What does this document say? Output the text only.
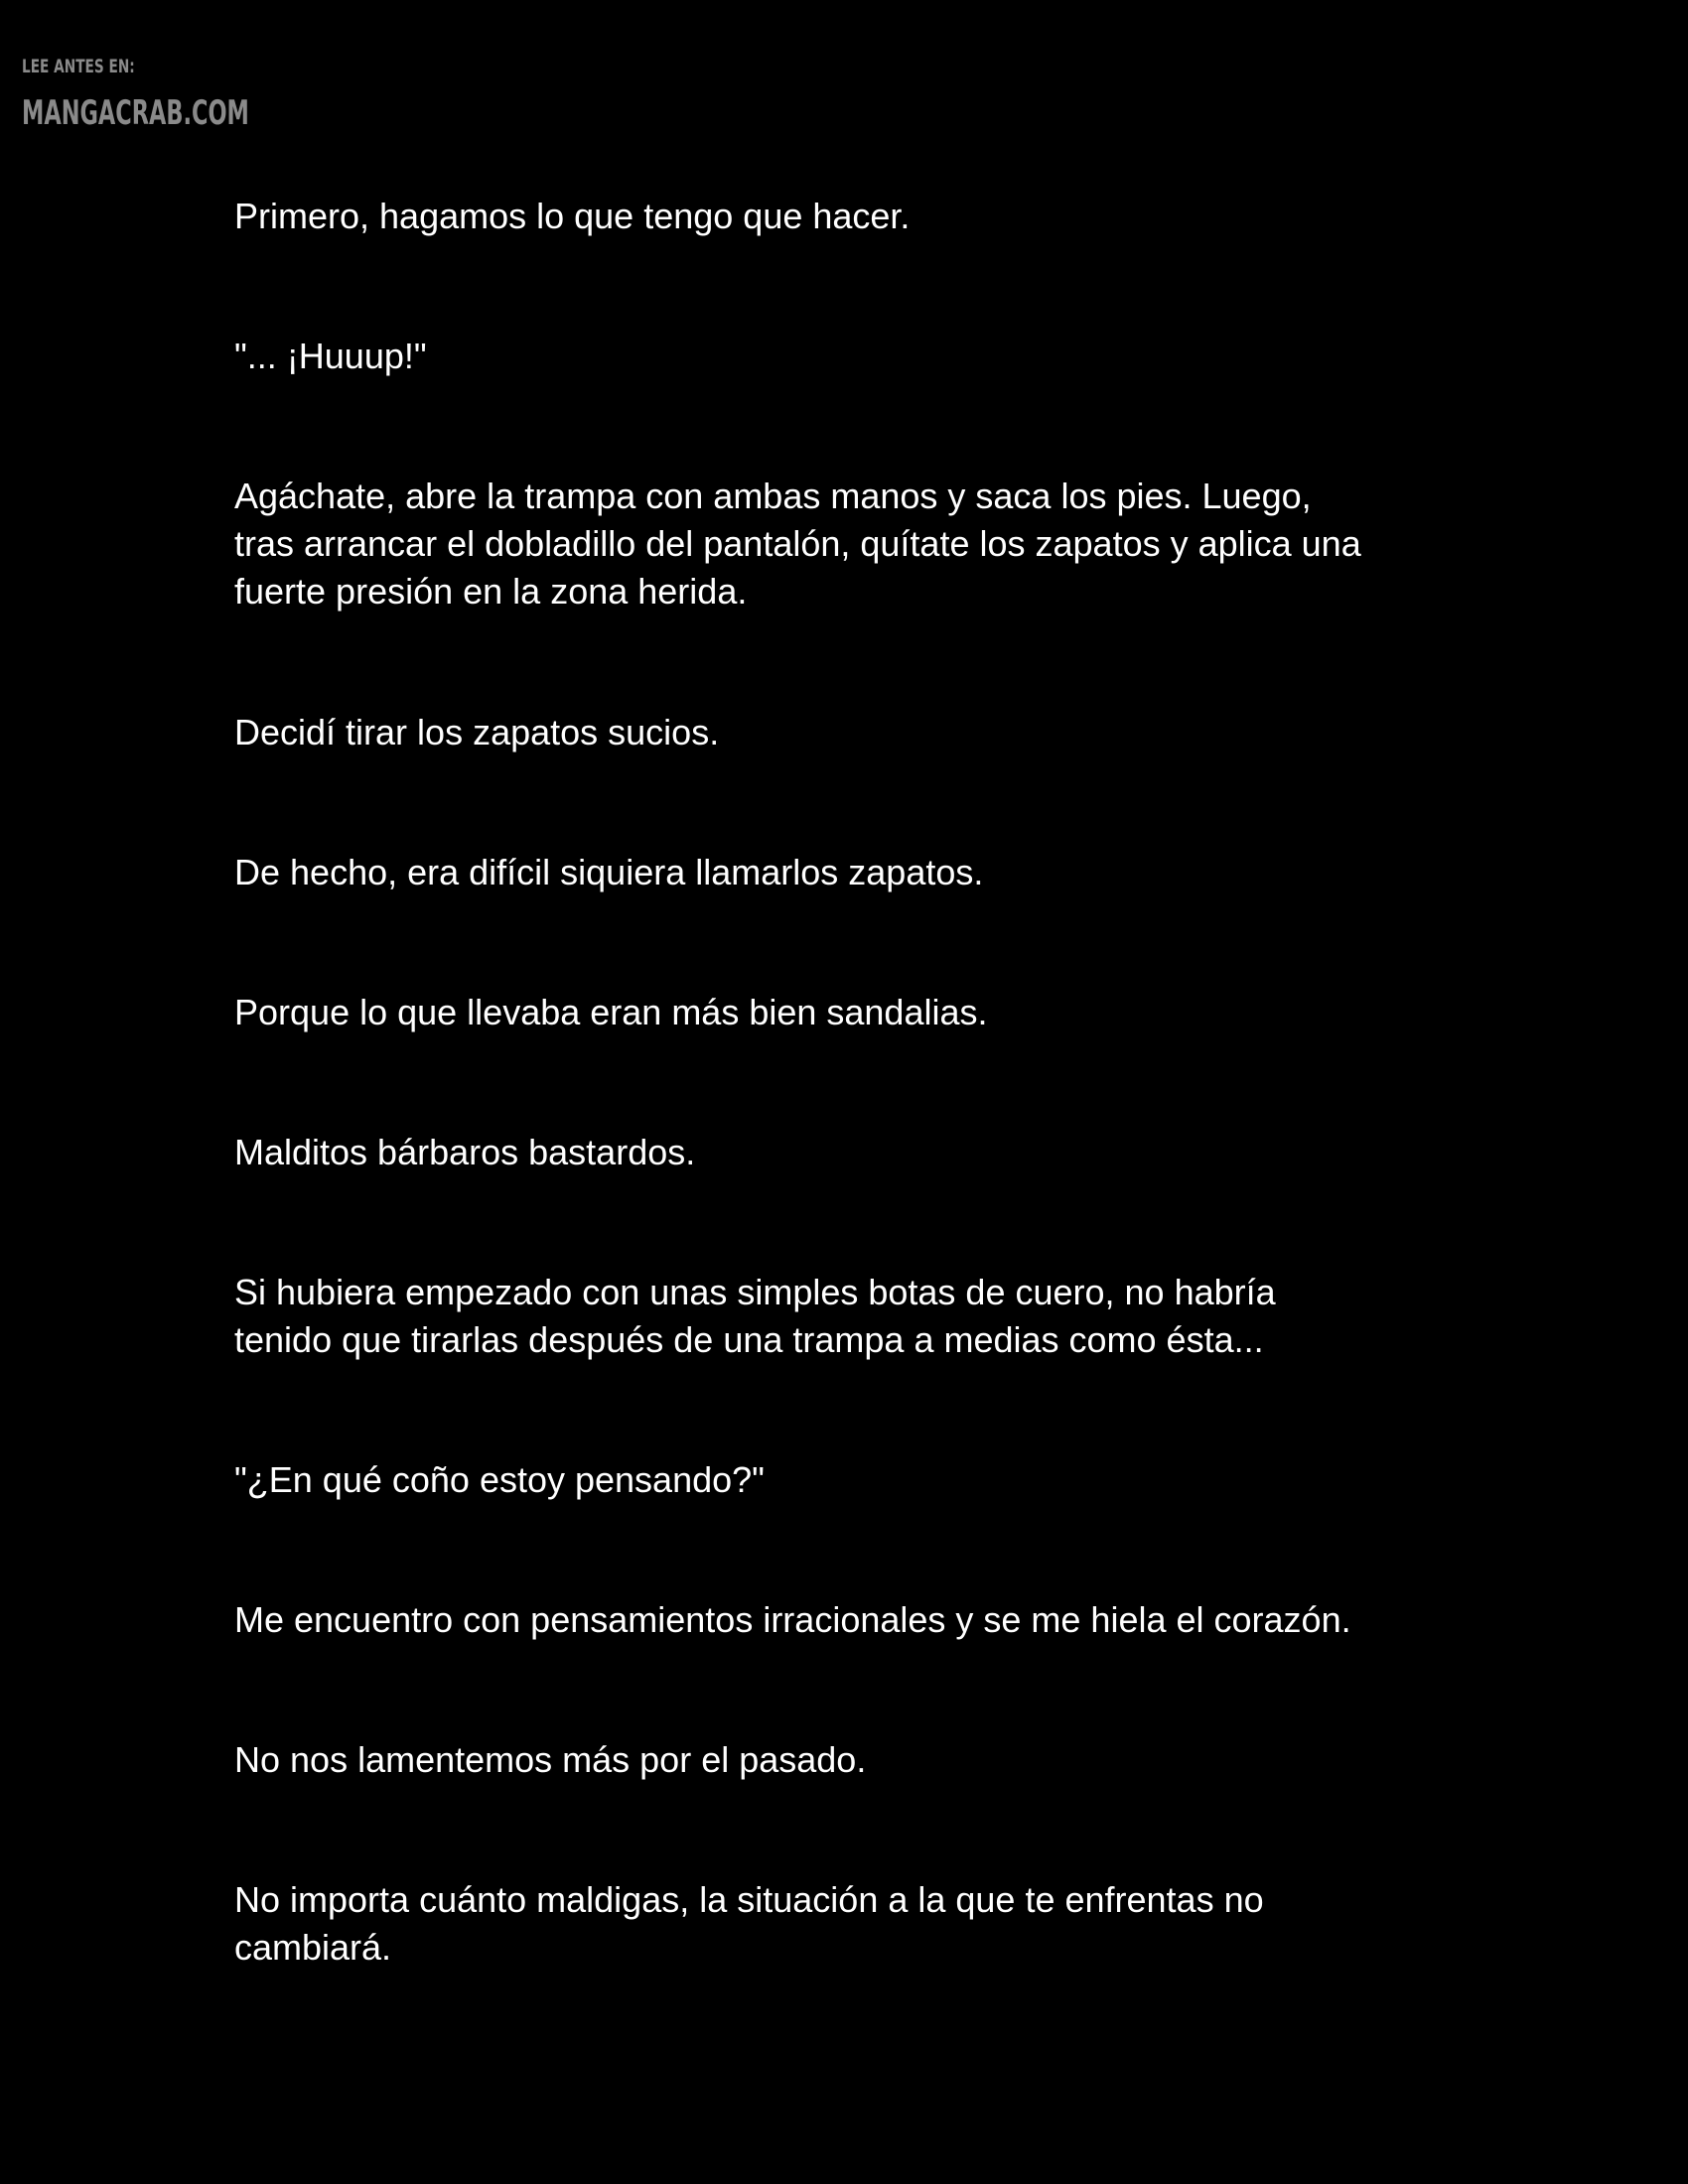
LEE ANTES EN:
MANGACRAB.COM

Primero, hagamos lo que tengo que hacer.

"... ¡Huuup!"

Agáchate, abre la trampa con ambas manos y saca los pies. Luego,
tras arrancar el dobladillo del pantalón, quítate los zapatos y aplica una
fuerte presión en la zona herida.

Decidí tirar los zapatos sucios.

De hecho, era difícil siquiera llamarlos zapatos.

Porque lo que llevaba eran más bien sandalias.

Malditos bárbaros bastardos.

Si hubiera empezado con unas simples botas de cuero, no habría
tenido que tirarlas después de una trampa a medias como ésta...

"¿En qué coño estoy pensando?"

Me encuentro con pensamientos irracionales y se me hiela el corazón.

No nos lamentemos más por el pasado.

No importa cuánto maldigas, la situación a la que te enfrentas no
cambiará.
